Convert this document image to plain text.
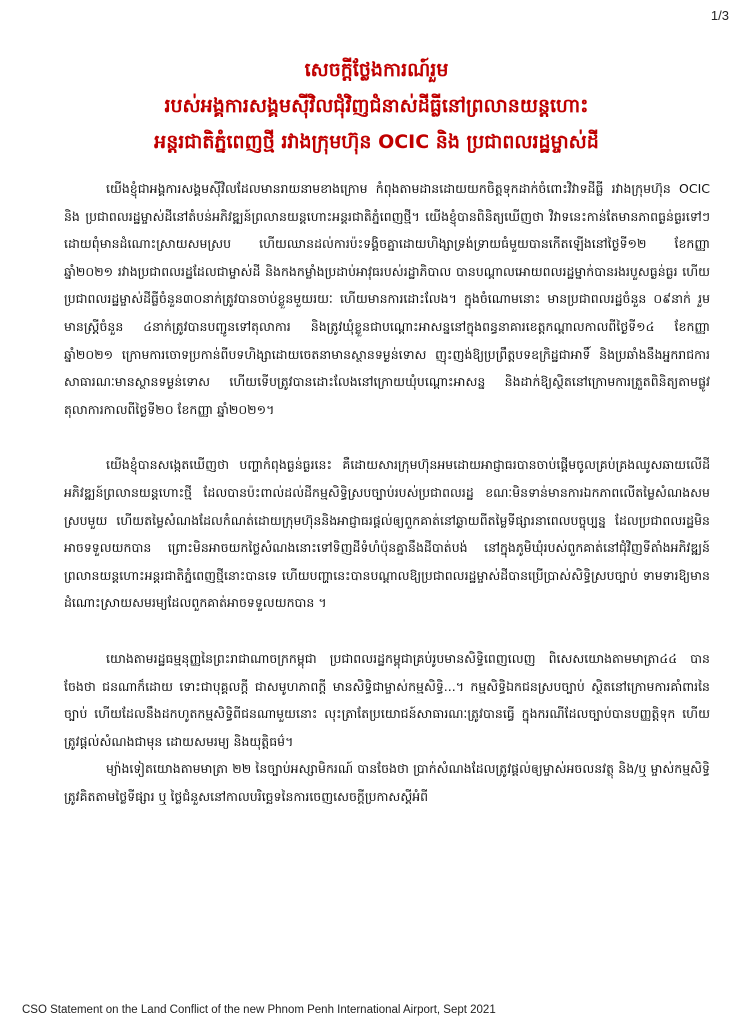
1/3
សេចក្តីថ្លែងការណ៍រួម
របស់អង្គការសង្គមស៊ីវិលជុំវិញជំនាស់ដីធ្លីនៅព្រលានយន្តហោះ
អន្តរជាតិភ្នំពេញថ្មី រវាងក្រុមហ៊ុន OCIC និង ប្រជាពលរដ្ឋម្ចាស់ដី

យើងខ្ញុំជាអង្គការសង្គមស៊ីវិលដែលមានរាយនាមខាងក្រោម កំពុងតាមដានដោយយកចិត្តទុកដាក់ចំពោះវិវាទដីធ្លី រវាងក្រុមហ៊ុន OCIC និង ប្រជាពលរដ្ឋម្ចាស់ដីនៅតំបន់អភិវឌ្ឍន៍ព្រលានយន្តហោះអន្តរជាតិភ្នំពេញថ្មី។ យើងខ្ញុំបានពិនិត្យឃើញថា វិវាទនេះកាន់តែមានភាពធ្ងន់ធ្ងរទៅៗ ដោយពុំមានដំណោះស្រាយសមស្រប ហើយឈានដល់ការប៉ះទង្គិចគ្នាដោយហិង្សាទ្រង់ទ្រាយធំមួយបានកើតឡើងនៅថ្ងៃទី១២ ខែកញ្ញា ឆ្នាំ២០២១ រវាងប្រជាពលរដ្ឋដែលជាម្ចាស់ដី និងកងកម្លាំងប្រដាប់អាវុធរបស់រដ្ឋាភិបាល បានបណ្តាលអោយពលរដ្ឋម្នាក់បានរងរបួសធ្ងន់ធ្ងរ ហើយប្រជាពលរដ្ឋម្ចាស់ដីធ្លីចំនួន៣០នាក់ត្រូវបានចាប់ខ្លួនមួយរយៈ ហើយមានការដោះលែង។ ក្នុងចំណោមនោះ មានប្រជាពលរដ្ឋចំនួន ០៩នាក់ រួមមានស្ត្រីចំនួន ៤នាក់ត្រូវបានបញ្ជូនទៅតុលាការ និងត្រូវឃុំខ្លួនជាបណ្តោះអាសន្ននៅក្នុងពន្ធនាគារខេត្តកណ្តាលកាលពីថ្ងៃទី១៤ ខែកញ្ញា ឆ្នាំ២០២១ ក្រោមការចោទប្រកាន់ពីបទហិង្សាដោយចេតនាមានស្ថានទម្ងន់ទោស ញុះញង់ឱ្យប្រព្រឹត្តបទឧក្រិដ្ឋជាអាទិ៍ និងប្រឆាំងនឹងអ្នករាជការសាធារណៈមានស្ថានទម្ងន់ទោស ហើយទើបត្រូវបានដោះលែងនៅក្រោយឃុំបណ្តោះអាសន្ន និងដាក់ឱ្យស្ថិតនៅក្រោមការត្រួតពិនិត្យតាមផ្លូវតុលាការកាលពីថ្ងៃទី២០ ខែកញ្ញា ឆ្នាំ២០២១។

យើងខ្ញុំបានសង្កេតឃើញថា បញ្ហាកំពុងធ្ងន់ធ្ងរនេះ គឺដោយសារក្រុមហ៊ុនអមដោយអាជ្ញាធរបានចាប់ផ្តើមចូលគ្រប់គ្រងឈូសឆាយលើដីអភិវឌ្ឍន៍ព្រលានយន្តហោះថ្មី ដែលបានប៉ះពាល់ដល់ដីកម្មសិទ្ធិស្របច្បាប់របស់ប្រជាពលរដ្ឋ ខណៈមិនទាន់មានការឯកភាពលើតម្លៃសំណងសមស្របមួយ ហើយតម្លៃសំណងដែលកំណត់ដោយក្រុមហ៊ុននិងអាជ្ញាធរផ្តល់ឲ្យពួកគាត់នៅឆ្ងាយពីតម្លៃទីផ្សារនាពេលបច្ចុប្បន្ន ដែលប្រជាពលរដ្ឋមិនអាចទទួលយកបាន ព្រោះមិនអាចយកថ្លៃសំណងនោះទៅទិញដីទំហំប៉ុនគ្នានឹងដីបាត់បង់ នៅក្នុងភូមិឃុំរបស់ពួកគាត់នៅជុំវិញទីតាំងអភិវឌ្ឍន៍ព្រលានយន្តហោះអន្តរជាតិភ្នំពេញថ្មីនោះបានទេ ហើយបញ្ហានេះបានបណ្តាលឱ្យប្រជាពលរដ្ឋម្ចាស់ដីបានប្រើប្រាស់សិទ្ធិស្របច្បាប់ ទាមទារឱ្យមានដំណោះស្រាយសមរម្យដែលពួកគាត់អាចទទួលយកបាន ។

យោងតាមរដ្ឋធម្មនុញ្ញនៃព្រះរាជាណាចក្រកម្ពុជា ប្រជាពលរដ្ឋកម្ពុជាគ្រប់រូបមានសិទ្ធិពេញលេញ ពិសេសយោងតាមមាត្រា៤៤ បានចែងថា ជនណាក៏ដោយ ទោះជាបុគ្គលក្តី ជាសមូហភាពក្តី មានសិទ្ធិជាម្ចាស់កម្មសិទ្ធិ...។ កម្មសិទ្ធិឯកជនស្របច្បាប់ ស្ថិតនៅក្រោមការគាំពារនៃច្បាប់ ហើយដែលនឹងដកហូតកម្មសិទ្ធិពីជនណាមួយនោះ លុះត្រាតែប្រយោជន៍សាធារណៈត្រូវបានធ្វើ ក្នុងករណីដែលច្បាប់បានបញ្ញត្តិទុក ហើយត្រូវផ្តល់សំណងជាមុន ដោយសមរម្យ និងយុត្តិធម៌។

ម្យ៉ាងទៀតយោងតាមមាត្រា ២២ នៃច្បាប់អស្សាមិករណ៍ បានចែងថា ប្រាក់សំណងដែលត្រូវផ្តល់ឲ្យម្ចាស់អចលនវត្ថុ និង/ឬ ម្ចាស់កម្មសិទ្ធិ ត្រូវគិតតាមថ្លៃទីផ្សារ ឬ ថ្លៃជំនួសនៅកាលបរិច្ឆេទនៃការចេញសេចក្តីប្រកាសស្តីអំពី

CSO Statement on the Land Conflict of the new Phnom Penh International Airport, Sept 2021
